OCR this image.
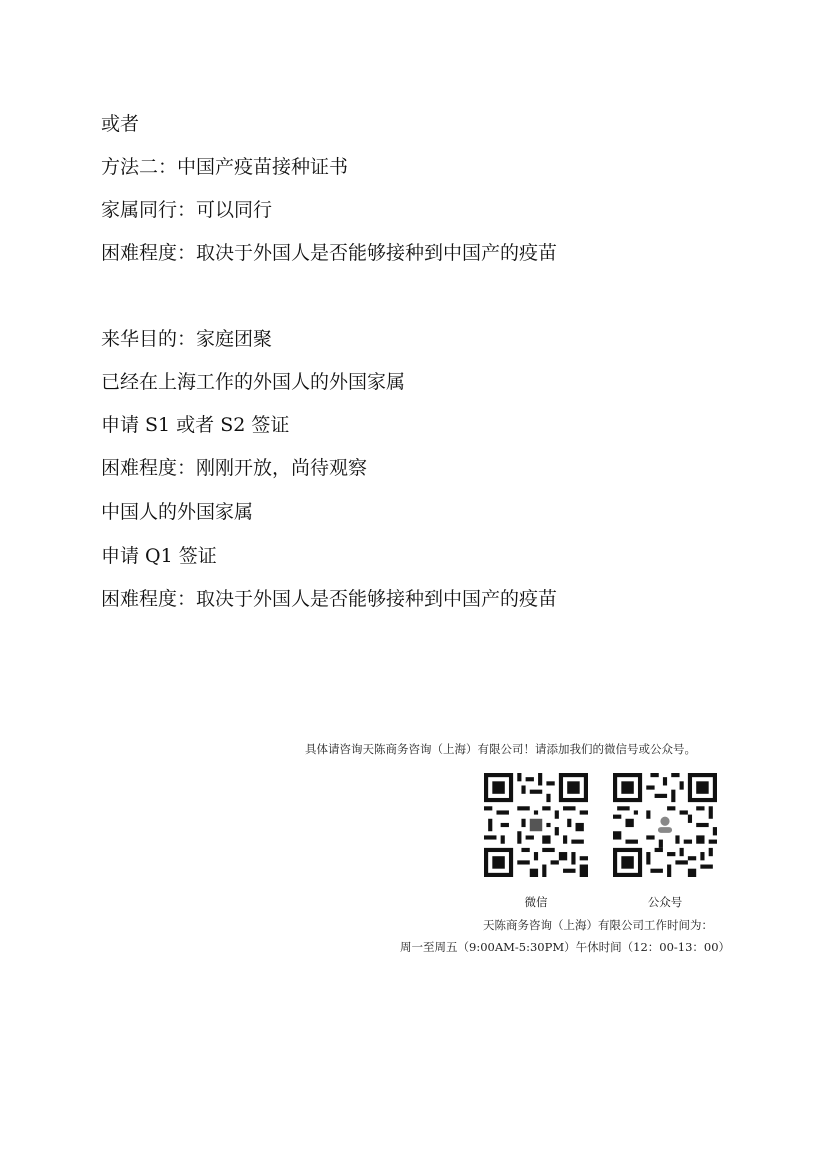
或者
方法二：中国产疫苗接种证书
家属同行：可以同行
困难程度：取决于外国人是否能够接种到中国产的疫苗
来华目的：家庭团聚
已经在上海工作的外国人的外国家属
申请 S1 或者 S2 签证
困难程度：刚刚开放，尚待观察
中国人的外国家属
申请 Q1 签证
困难程度：取决于外国人是否能够接种到中国产的疫苗
具体请咨询天陈商务咨询（上海）有限公司！请添加我们的微信号或公众号。
微信	公众号
天陈商务咨询（上海）有限公司工作时间为：
周一至周五（9:00AM-5:30PM）午休时间（12：00-13：00）
